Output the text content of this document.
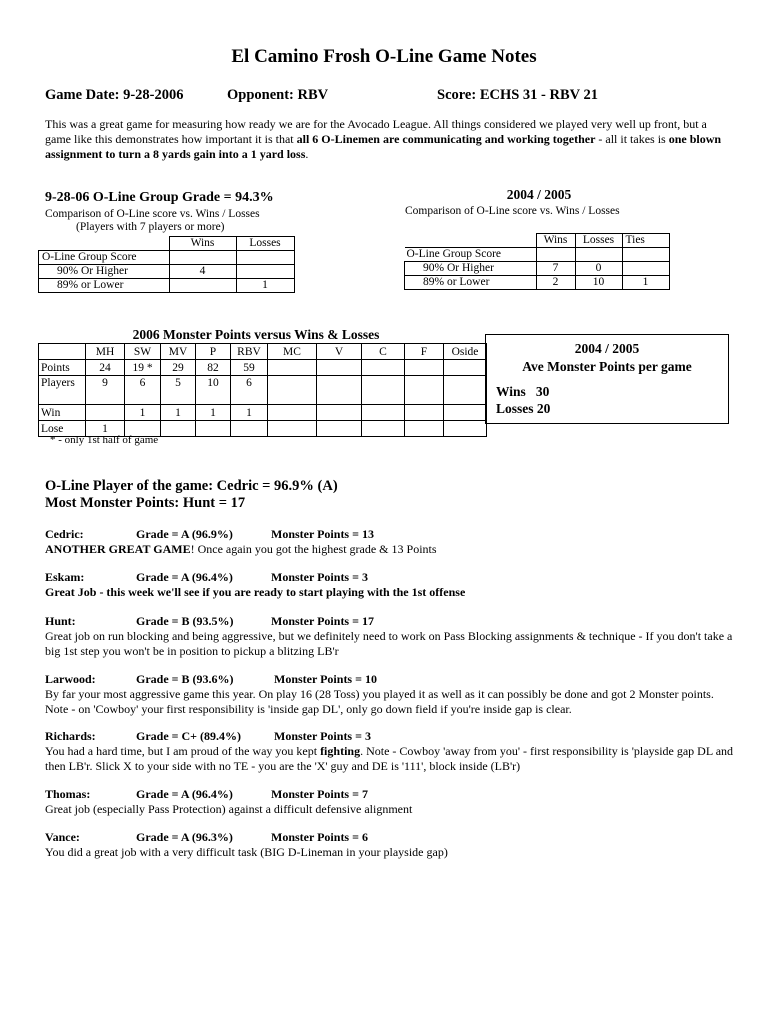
El Camino Frosh O-Line Game Notes
Game Date: 9-28-2006	Opponent: RBV	Score: ECHS 31 - RBV 21
This was a great game for measuring how ready we are for the Avocado League. All things considered we played very well up front, but a game like this demonstrates how important it is that all 6 O-Linemen are communicating and working together - all it takes is one blown assignment to turn a 8 yards gain into a 1 yard loss.
9-28-06 O-Line Group Grade = 94.3%
Comparison of O-Line score vs. Wins / Losses
(Players with 7 players or more)
	Wins	Losses
O-Line Group Score		
90% Or Higher	4	
89% or Lower		1
2004 / 2005
Comparison of O-Line score vs. Wins / Losses
	Wins	Losses	Ties
O-Line Group Score			
90% Or Higher	7	0	
89% or Lower	2	10	1
2006 Monster Points versus Wins & Losses
	MH	SW	MV	P	RBV	MC	V	C	F	Oside
Points	24	19 *	29	82	59					
Players	9	6	5	10	6					
Win		1	1	1	1					
Lose	1									
* - only 1st half of game
2004 / 2005
Ave Monster Points per game
Wins   30
Losses 20
O-Line Player of the game: Cedric = 96.9% (A)
Most Monster Points: Hunt = 17
Cedric:	Grade = A (96.9%)	Monster Points = 13
ANOTHER GREAT GAME! Once again you got the highest grade & 13 Points
Eskam:	Grade = A (96.4%)	Monster Points = 3
Great Job - this week we'll see if you are ready to start playing with the 1st offense
Hunt:	Grade = B (93.5%)	Monster Points = 17
Great job on run blocking and being aggressive, but we definitely need to work on Pass Blocking assignments & technique - If you don't take a big 1st step you won't be in position to pickup a blitzing LB'r
Larwood:	Grade = B (93.6%)	Monster Points = 10
By far your most aggressive game this year. On play 16 (28 Toss) you played it as well as it can possibly be done and got 2 Monster points. Note - on 'Cowboy' your first responsibility is 'inside gap DL', only go down field if you're inside gap is clear.
Richards:	Grade = C+ (89.4%)	Monster Points = 3
You had a hard time, but I am proud of the way you kept fighting. Note - Cowboy 'away from you' - first responsibility is 'playside gap DL and then LB'r. Slick X to your side with no TE - you are the 'X' guy and DE is '111', block inside (LB'r)
Thomas:	Grade = A (96.4%)	Monster Points = 7
Great job (especially Pass Protection) against a difficult defensive alignment
Vance:	Grade = A (96.3%)	Monster Points = 6
You did a great job with a very difficult task (BIG D-Lineman in your playside gap)
